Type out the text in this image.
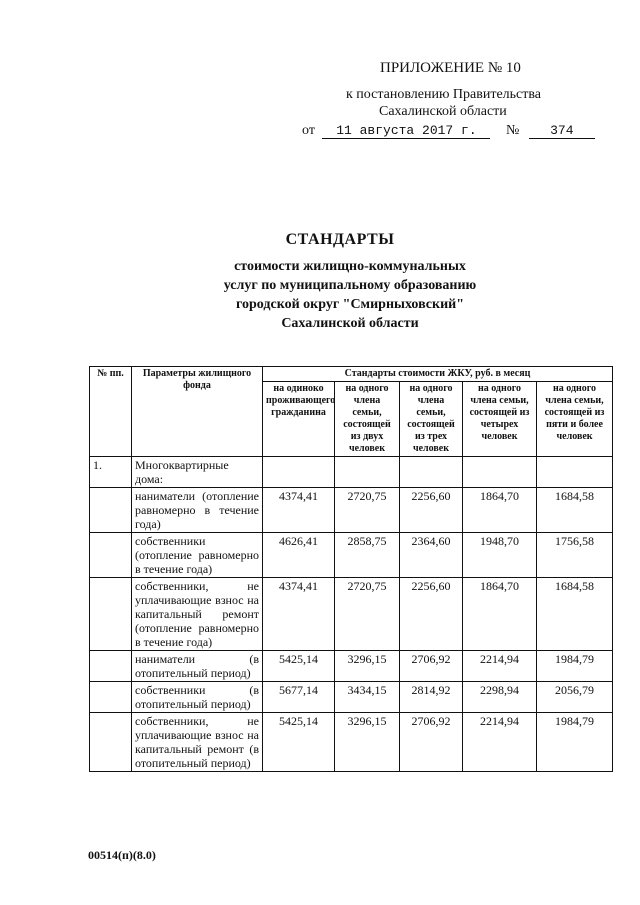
ПРИЛОЖЕНИЕ № 10
к постановлению Правительства
Сахалинской области
от 11 августа 2017 г. № 374
СТАНДАРТЫ
стоимости жилищно-коммунальных
услуг по муниципальному образованию
городской округ "Смирныховский"
Сахалинской области
№ пп.	Параметры жилищного фонда	Стандарты стоимости ЖКУ, руб. в месяц				
		на одиноко проживающего гражданина	на одного члена семьи, состоящей из двух человек	на одного члена семьи, состоящей из трех человек	на одного члена семьи, состоящей из четырех человек	на одного члена семьи, состоящей из пяти и более человек
1.	Многоквартирные дома:					
	наниматели (отопление равномерно в течение года)	4374,41	2720,75	2256,60	1864,70	1684,58
	собственники (отопление равномерно в течение года)	4626,41	2858,75	2364,60	1948,70	1756,58
	собственники, не уплачивающие взнос на капитальный ремонт (отопление равномерно в течение года)	4374,41	2720,75	2256,60	1864,70	1684,58
	наниматели (в отопительный период)	5425,14	3296,15	2706,92	2214,94	1984,79
	собственники (в отопительный период)	5677,14	3434,15	2814,92	2298,94	2056,79
	собственники, не уплачивающие взнос на капитальный ремонт (в отопительный период)	5425,14	3296,15	2706,92	2214,94	1984,79
00514(п)(8.0)
